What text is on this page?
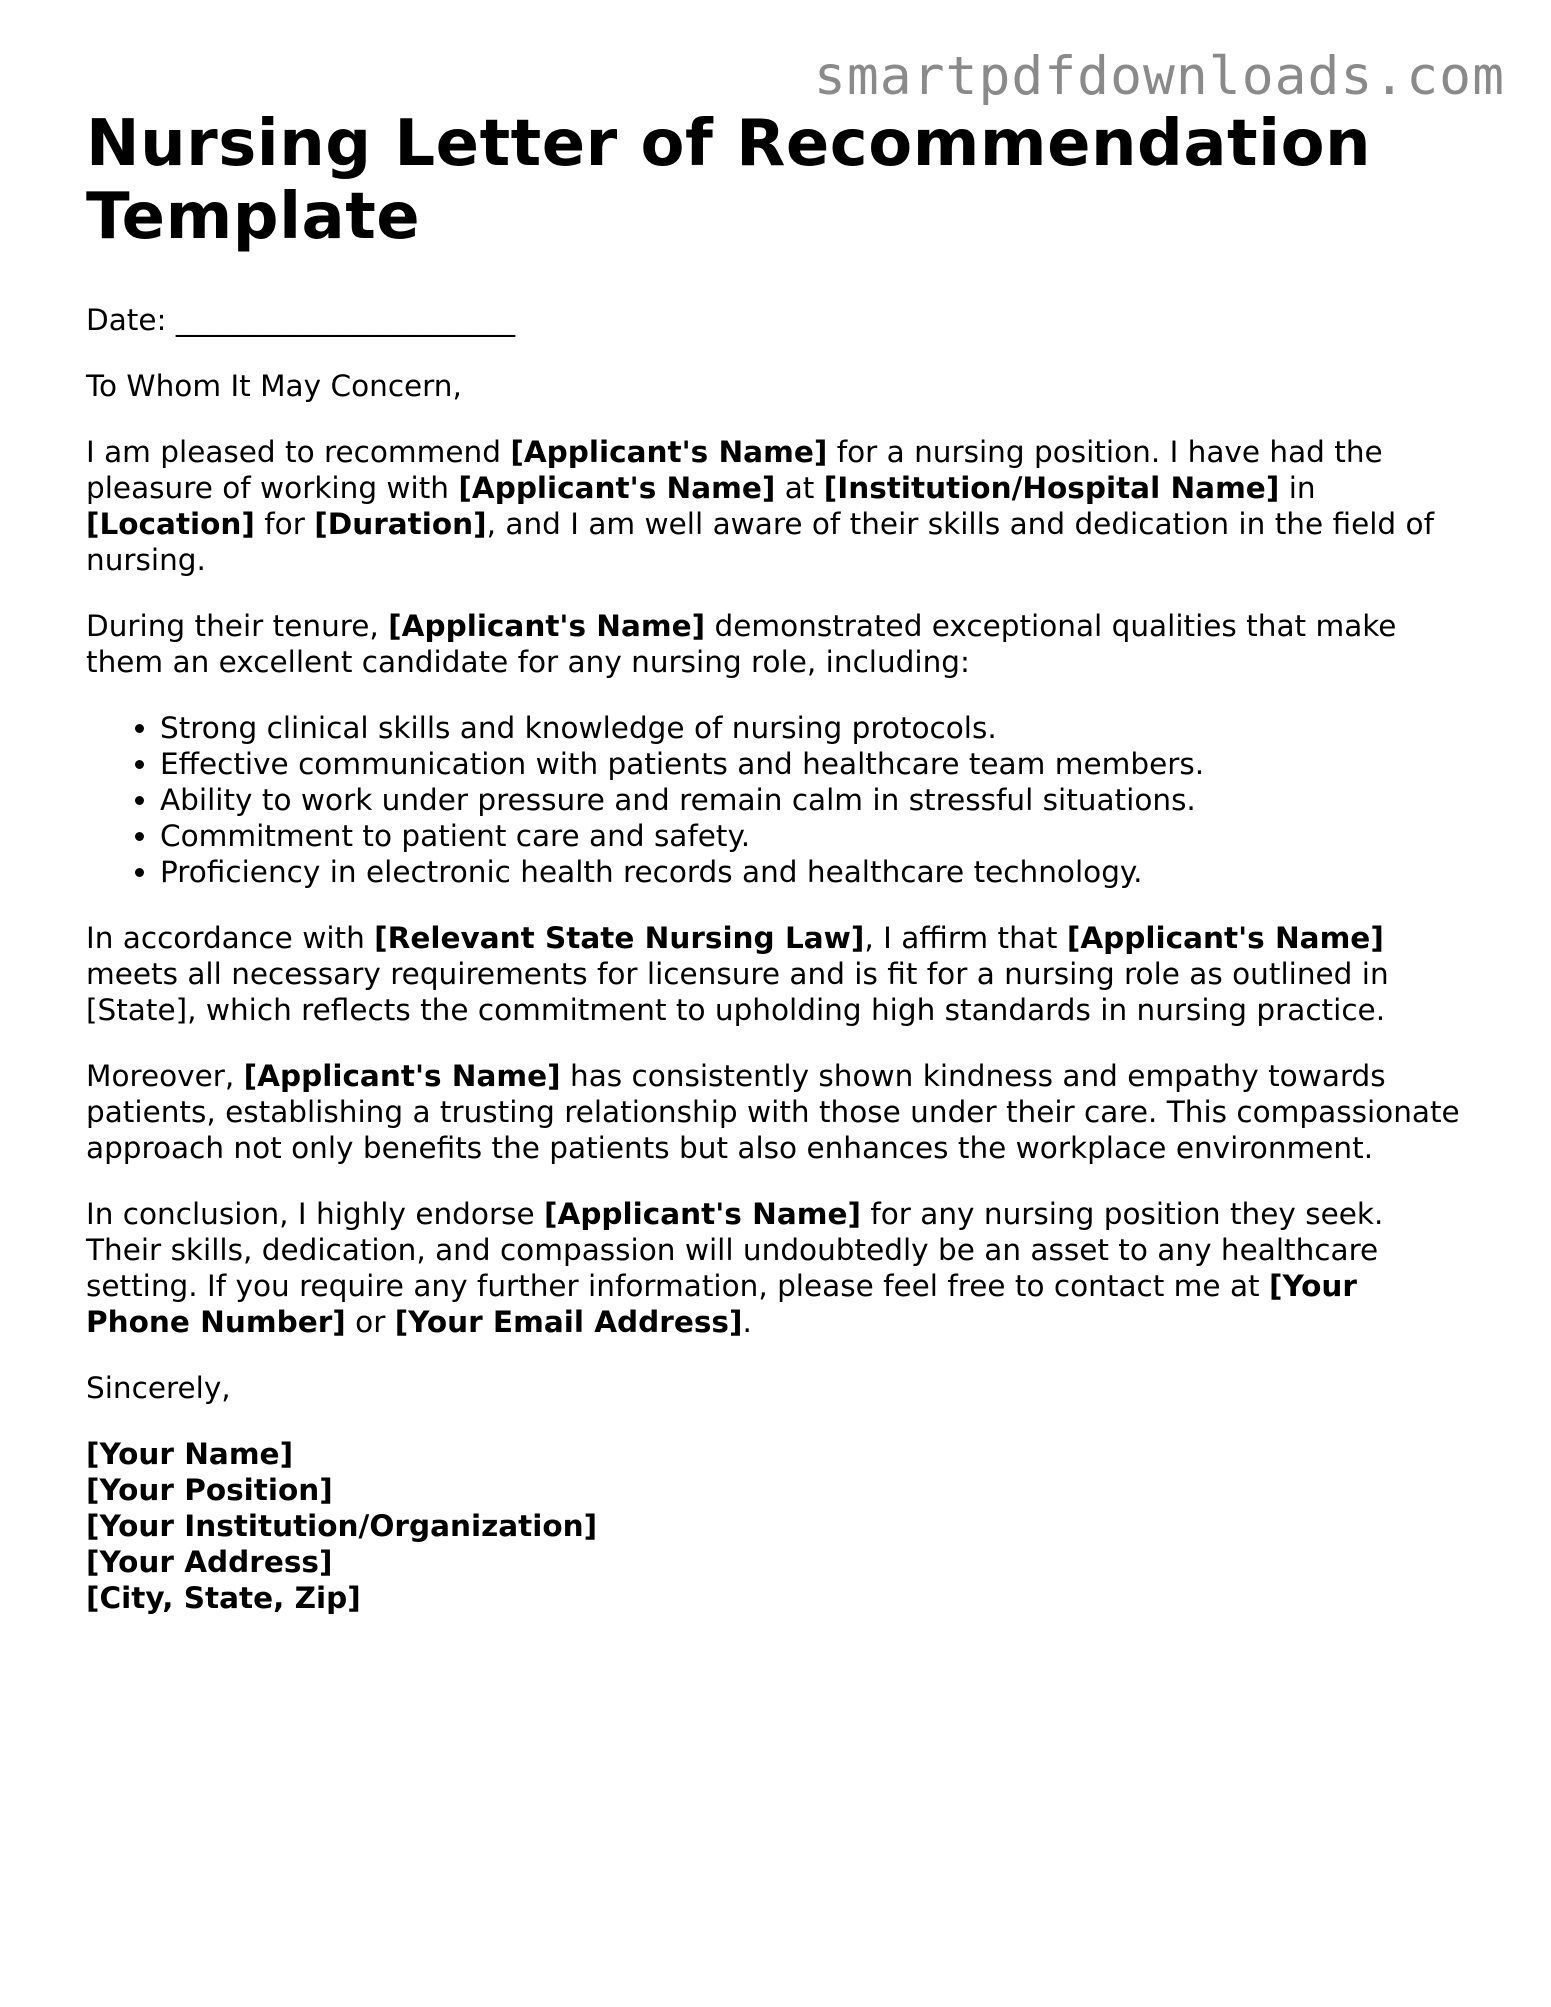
smartpdfdownloads.com
Nursing Letter of Recommendation Template
Date: _______________________

To Whom It May Concern,

I am pleased to recommend [Applicant's Name] for a nursing position. I have had the pleasure of working with [Applicant's Name] at [Institution/Hospital Name] in [Location] for [Duration], and I am well aware of their skills and dedication in the field of nursing.

During their tenure, [Applicant's Name] demonstrated exceptional qualities that make them an excellent candidate for any nursing role, including:

• Strong clinical skills and knowledge of nursing protocols.
• Effective communication with patients and healthcare team members.
• Ability to work under pressure and remain calm in stressful situations.
• Commitment to patient care and safety.
• Proficiency in electronic health records and healthcare technology.

In accordance with [Relevant State Nursing Law], I affirm that [Applicant's Name] meets all necessary requirements for licensure and is fit for a nursing role as outlined in [State], which reflects the commitment to upholding high standards in nursing practice.

Moreover, [Applicant's Name] has consistently shown kindness and empathy towards patients, establishing a trusting relationship with those under their care. This compassionate approach not only benefits the patients but also enhances the workplace environment.

In conclusion, I highly endorse [Applicant's Name] for any nursing position they seek. Their skills, dedication, and compassion will undoubtedly be an asset to any healthcare setting. If you require any further information, please feel free to contact me at [Your Phone Number] or [Your Email Address].

Sincerely,

[Your Name]
[Your Position]
[Your Institution/Organization]
[Your Address]
[City, State, Zip]
